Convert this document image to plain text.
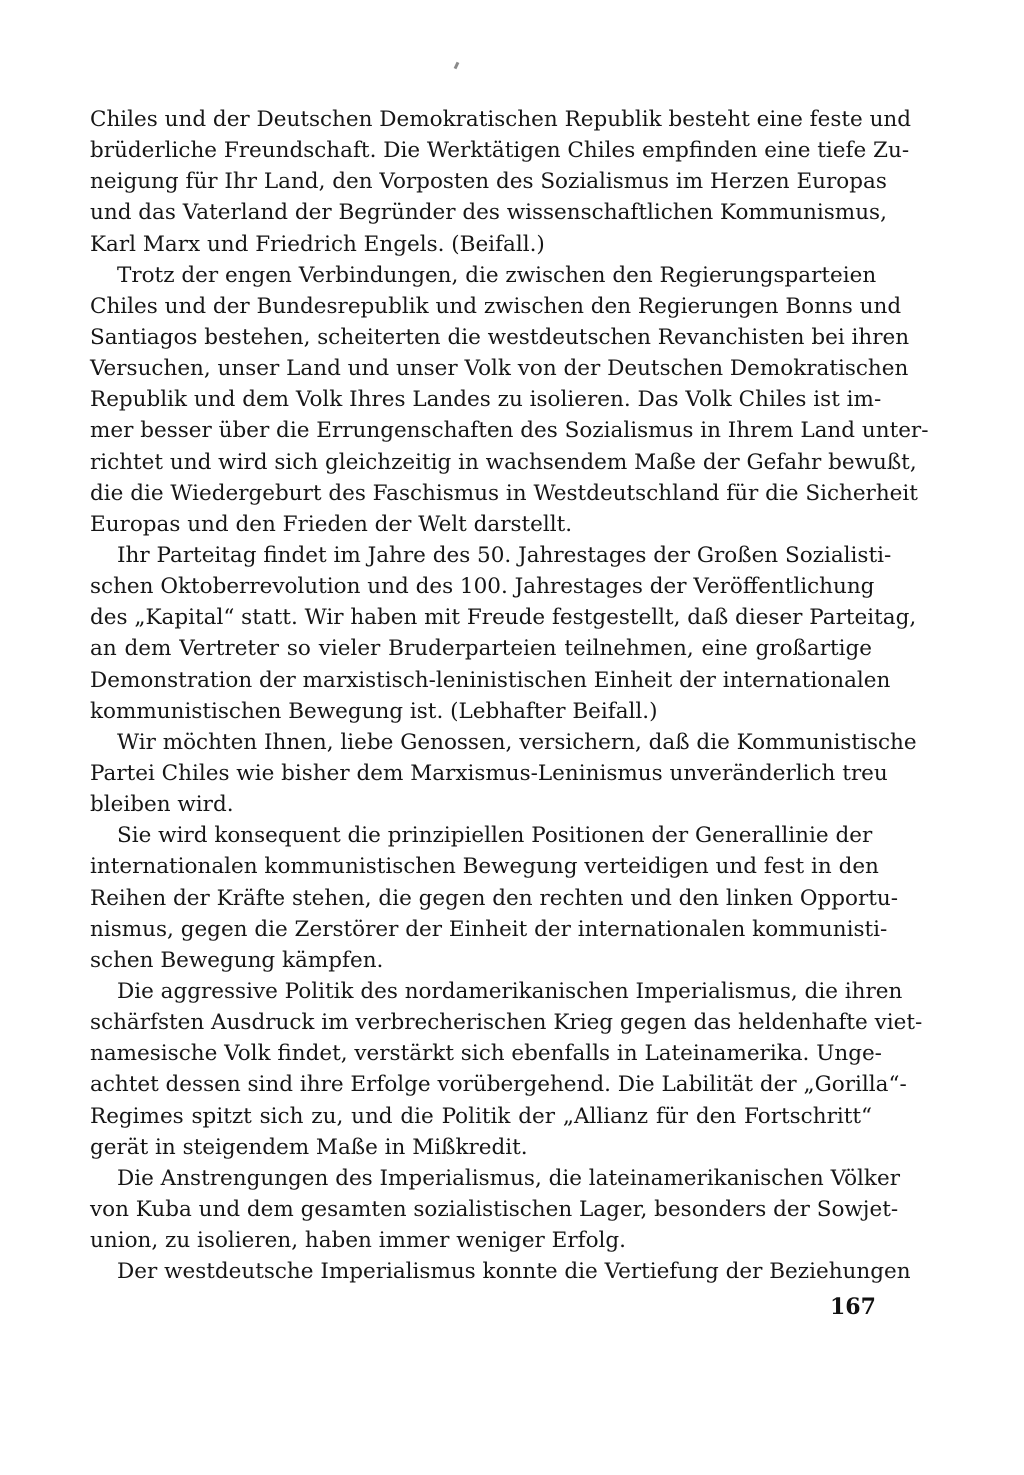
Chiles und der Deutschen Demokratischen Republik besteht eine feste und
brüderliche Freundschaft. Die Werktätigen Chiles empfinden eine tiefe Zu-
neigung für Ihr Land, den Vorposten des Sozialismus im Herzen Europas
und das Vaterland der Begründer des wissenschaftlichen Kommunismus,
Karl Marx und Friedrich Engels. (Beifall.)
Trotz der engen Verbindungen, die zwischen den Regierungsparteien
Chiles und der Bundesrepublik und zwischen den Regierungen Bonns und
Santiagos bestehen, scheiterten die westdeutschen Revanchisten bei ihren
Versuchen, unser Land und unser Volk von der Deutschen Demokratischen
Republik und dem Volk Ihres Landes zu isolieren. Das Volk Chiles ist im-
mer besser über die Errungenschaften des Sozialismus in Ihrem Land unter-
richtet und wird sich gleichzeitig in wachsendem Maße der Gefahr bewußt,
die die Wiedergeburt des Faschismus in Westdeutschland für die Sicherheit
Europas und den Frieden der Welt darstellt.
Ihr Parteitag findet im Jahre des 50. Jahrestages der Großen Sozialisti-
schen Oktoberrevolution und des 100. Jahrestages der Veröffentlichung
des „Kapital“ statt. Wir haben mit Freude festgestellt, daß dieser Parteitag,
an dem Vertreter so vieler Bruderparteien teilnehmen, eine großartige
Demonstration der marxistisch-leninistischen Einheit der internationalen
kommunistischen Bewegung ist. (Lebhafter Beifall.)
Wir möchten Ihnen, liebe Genossen, versichern, daß die Kommunistische
Partei Chiles wie bisher dem Marxismus-Leninismus unveränderlich treu
bleiben wird.
Sie wird konsequent die prinzipiellen Positionen der Generallinie der
internationalen kommunistischen Bewegung verteidigen und fest in den
Reihen der Kräfte stehen, die gegen den rechten und den linken Opportu-
nismus, gegen die Zerstörer der Einheit der internationalen kommunisti-
schen Bewegung kämpfen.
Die aggressive Politik des nordamerikanischen Imperialismus, die ihren
schärfsten Ausdruck im verbrecherischen Krieg gegen das heldenhafte viet-
namesische Volk findet, verstärkt sich ebenfalls in Lateinamerika. Unge-
achtet dessen sind ihre Erfolge vorübergehend. Die Labilität der „Gorilla“-
Regimes spitzt sich zu, und die Politik der „Allianz für den Fortschritt“
gerät in steigendem Maße in Mißkredit.
Die Anstrengungen des Imperialismus, die lateinamerikanischen Völker
von Kuba und dem gesamten sozialistischen Lager, besonders der Sowjet-
union, zu isolieren, haben immer weniger Erfolg.
Der westdeutsche Imperialismus konnte die Vertiefung der Beziehungen
167
